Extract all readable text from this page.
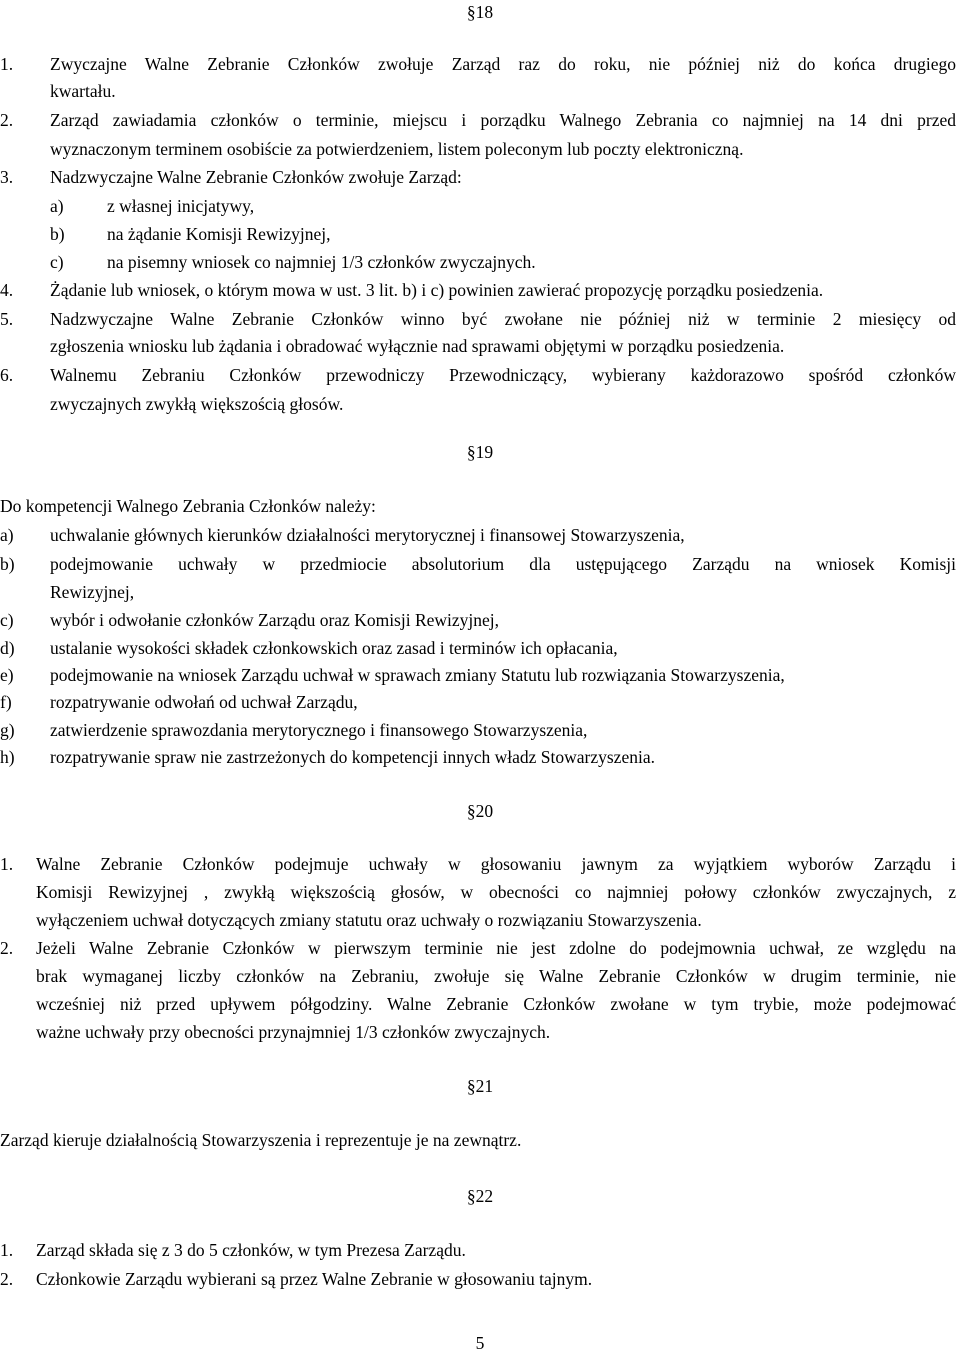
§18
1. Zwyczajne Walne Zebranie Członków zwołuje Zarząd raz do roku, nie później niż do końca drugiego
kwartału.
2. Zarząd zawiadamia członków o terminie, miejscu i porządku Walnego Zebrania co najmniej na 14 dni przed
wyznaczonym terminem osobiście za potwierdzeniem, listem poleconym lub poczty elektroniczną.
3. Nadzwyczajne Walne Zebranie Członków zwołuje Zarząd:
a) z własnej inicjatywy,
b) na żądanie Komisji Rewizyjnej,
c) na pisemny wniosek co najmniej 1/3 członków zwyczajnych.
4. Żądanie lub wniosek, o którym mowa w ust. 3 lit. b) i c) powinien zawierać propozycję porządku posiedzenia.
5. Nadzwyczajne Walne Zebranie Członków winno być zwołane nie później niż w terminie 2 miesięcy od
zgłoszenia wniosku lub żądania i obradować wyłącznie nad sprawami objętymi w porządku posiedzenia.
6. Walnemu Zebraniu Członków przewodniczy Przewodniczący, wybierany każdorazowo spośród członków
zwyczajnych zwykłą większością głosów.
§19
Do kompetencji Walnego Zebrania Członków należy:
a) uchwalanie głównych kierunków działalności merytorycznej i finansowej Stowarzyszenia,
b) podejmowanie uchwały w przedmiocie absolutorium dla ustępującego Zarządu na wniosek Komisji
Rewizyjnej,
c) wybór i odwołanie członków Zarządu oraz Komisji Rewizyjnej,
d) ustalanie wysokości składek członkowskich oraz zasad i terminów ich opłacania,
e) podejmowanie na wniosek Zarządu uchwał w sprawach zmiany Statutu lub rozwiązania Stowarzyszenia,
f) rozpatrywanie odwołań od uchwał Zarządu,
g) zatwierdzenie sprawozdania merytorycznego i finansowego Stowarzyszenia,
h) rozpatrywanie spraw nie zastrzeżonych do kompetencji innych władz Stowarzyszenia.
§20
1. Walne Zebranie Członków podejmuje uchwały w głosowaniu jawnym za wyjątkiem wyborów Zarządu i
Komisji Rewizyjnej , zwykłą większością głosów, w obecności co najmniej połowy członków zwyczajnych, z
wyłączeniem uchwał dotyczących zmiany statutu oraz uchwały o rozwiązaniu Stowarzyszenia.
2. Jeżeli Walne Zebranie Członków w pierwszym terminie nie jest zdolne do podejmownia uchwał, ze względu na
brak wymaganej liczby członków na Zebraniu, zwołuje się Walne Zebranie Członków w drugim terminie, nie
wcześniej niż przed upływem półgodziny. Walne Zebranie Członków zwołane w tym trybie, może podejmować
ważne uchwały przy obecności przynajmniej 1/3 członków zwyczajnych.
§21
Zarząd kieruje działalnością Stowarzyszenia i reprezentuje je na zewnątrz.
§22
1. Zarząd składa się z 3 do 5 członków, w tym Prezesa Zarządu.
2. Członkowie Zarządu wybierani są przez Walne Zebranie w głosowaniu tajnym.
5
